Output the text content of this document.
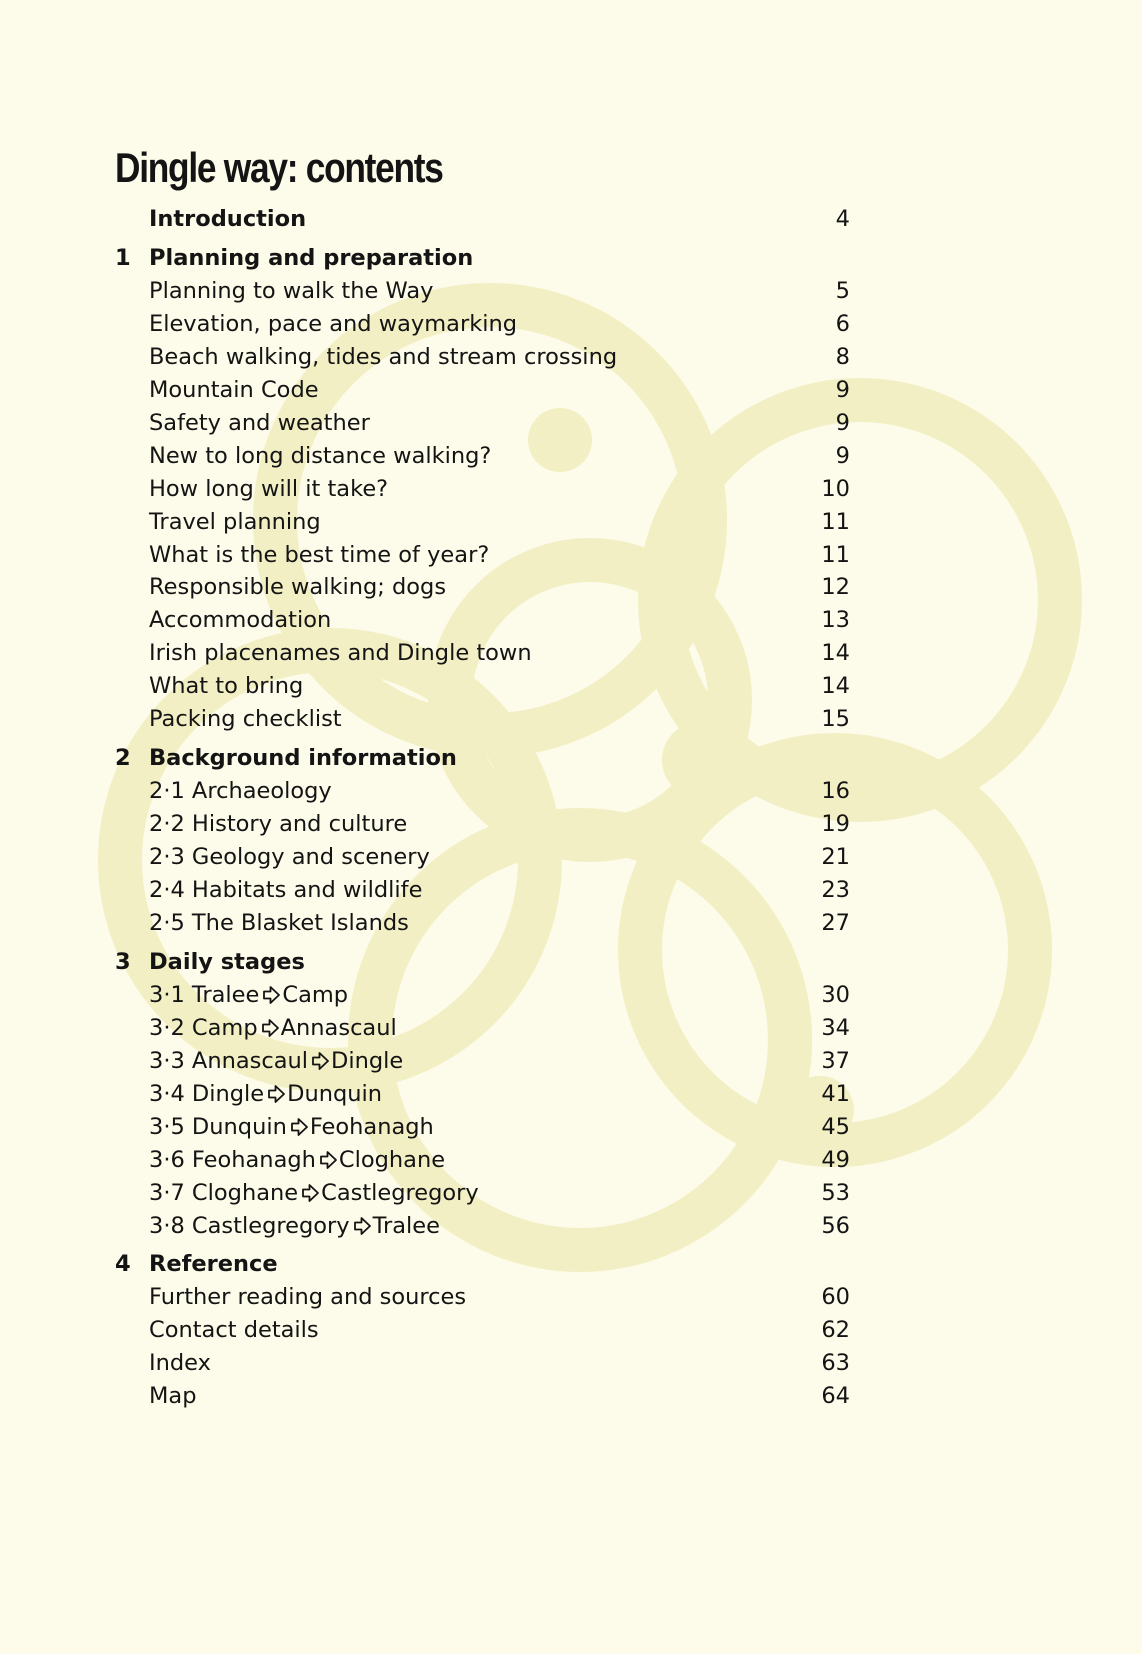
Dingle way: contents
Introduction	4
1 Planning and preparation
Planning to walk the Way	5
Elevation, pace and waymarking	6
Beach walking, tides and stream crossing	8
Mountain Code	9
Safety and weather	9
New to long distance walking?	9
How long will it take?	10
Travel planning	11
What is the best time of year?	11
Responsible walking; dogs	12
Accommodation	13
Irish placenames and Dingle town	14
What to bring	14
Packing checklist	15
2 Background information
2·1 Archaeology	16
2·2 History and culture	19
2·3 Geology and scenery	21
2·4 Habitats and wildlife	23
2·5 The Blasket Islands	27
3 Daily stages
3·1 Tralee Camp	30
3·2 Camp Annascaul	34
3·3 Annascaul Dingle	37
3·4 Dingle Dunquin	41
3·5 Dunquin Feohanagh	45
3·6 Feohanagh Cloghane	49
3·7 Cloghane Castlegregory	53
3·8 Castlegregory Tralee	56
4 Reference
Further reading and sources	60
Contact details	62
Index	63
Map	64
